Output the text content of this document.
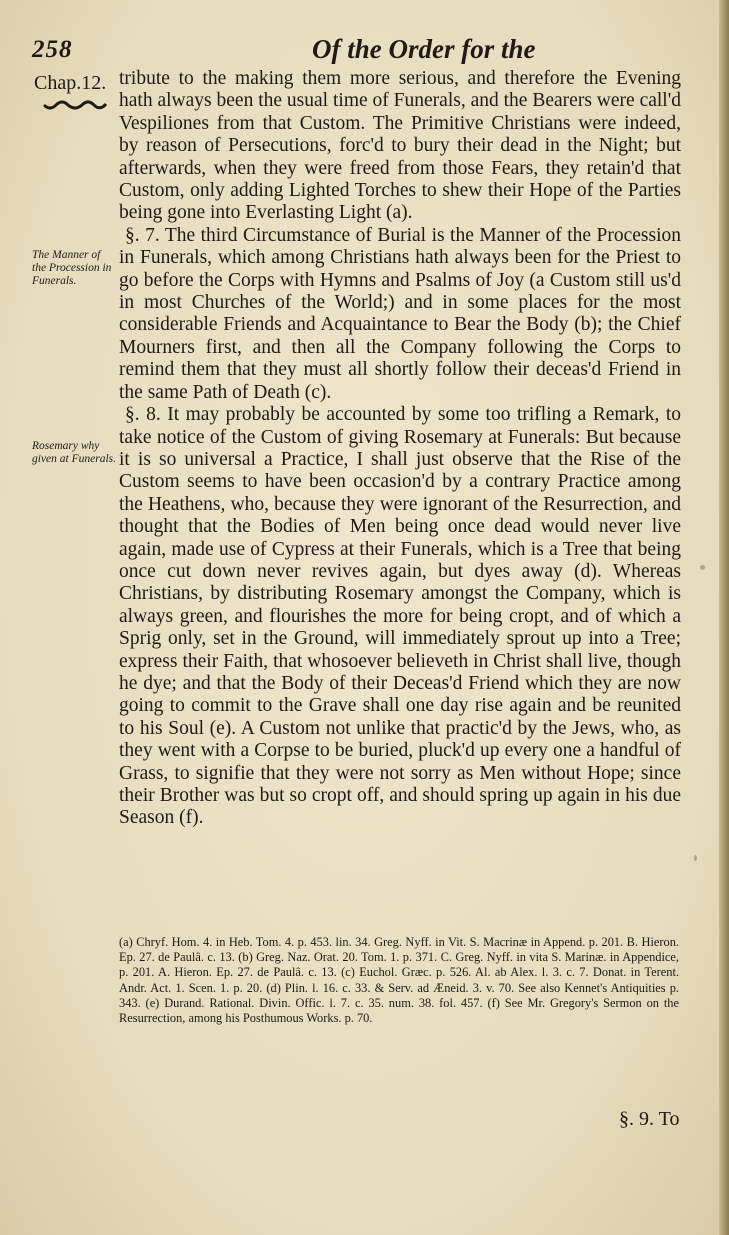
258	Of the Order for the
Chap.12.
The Manner of the Procession in Funerals.
Rosemary why given at Funerals.

tribute to the making them more serious, and therefore the Evening hath always been the usual time of Funerals, and the Bearers were call'd Vespiliones from that Custom. The Primitive Christians were indeed, by reason of Persecutions, forc'd to bury their dead in the Night; but afterwards, when they were freed from those Fears, they retain'd that Custom, only adding Lighted Torches to shew their Hope of the Parties being gone into Everlasting Light (a).

§. 7. The third Circumstance of Burial is the Manner of the Procession in Funerals, which among Christians hath always been for the Priest to go before the Corps with Hymns and Psalms of Joy (a Custom still us'd in most Churches of the World;) and in some places for the most considerable Friends and Acquaintance to Bear the Body (b); the Chief Mourners first, and then all the Company following the Corps to remind them that they must all shortly follow their deceas'd Friend in the same Path of Death (c).

§. 8. It may probably be accounted by some too trifling a Remark, to take notice of the Custom of giving Rosemary at Funerals: But because it is so universal a Practice, I shall just observe that the Rise of the Custom seems to have been occasion'd by a contrary Practice among the Heathens, who, because they were ignorant of the Resurrection, and thought that the Bodies of Men being once dead would never live again, made use of Cypress at their Funerals, which is a Tree that being once cut down never revives again, but dyes away (d). Whereas Christians, by distributing Rosemary amongst the Company, which is always green, and flourishes the more for being cropt, and of which a Sprig only, set in the Ground, will immediately sprout up into a Tree; express their Faith, that whosoever believeth in Christ shall live, though he dye; and that the Body of their Deceas'd Friend which they are now going to commit to the Grave shall one day rise again and be reunited to his Soul (e). A Custom not unlike that practic'd by the Jews, who, as they went with a Corpse to be buried, pluck'd up every one a handful of Grass, to signifie that they were not sorry as Men without Hope; since their Brother was but so cropt off, and should spring up again in his due Season (f).

(a) Chryf. Hom. 4. in Heb. Tom. 4. p. 453. lin. 34. Greg. Nyff. in Vit. S. Macrinæ in Append. p. 201. B. Hieron. Ep. 27. de Paulâ. c. 13. (b) Greg. Naz. Orat. 20. Tom. 1. p. 371. C. Greg. Nyff. in vita S. Marinæ. in Appendice, p. 201. A. Hieron. Ep. 27. de Paulâ. c. 13. (c) Euchol. Græc. p. 526. Al. ab Alex. l. 3. c. 7. Donat. in Terent. Andr. Act. 1. Scen. 1. p. 20. (d) Plin. l. 16. c. 33. & Serv. ad Æneid. 3. v. 70. See also Kennet's Antiquities p. 343. (e) Durand. Rational. Divin. Offic. l. 7. c. 35. num. 38. fol. 457. (f) See Mr. Gregory's Sermon on the Resurrection, among his Posthumous Works. p. 70.
§. 9. To
